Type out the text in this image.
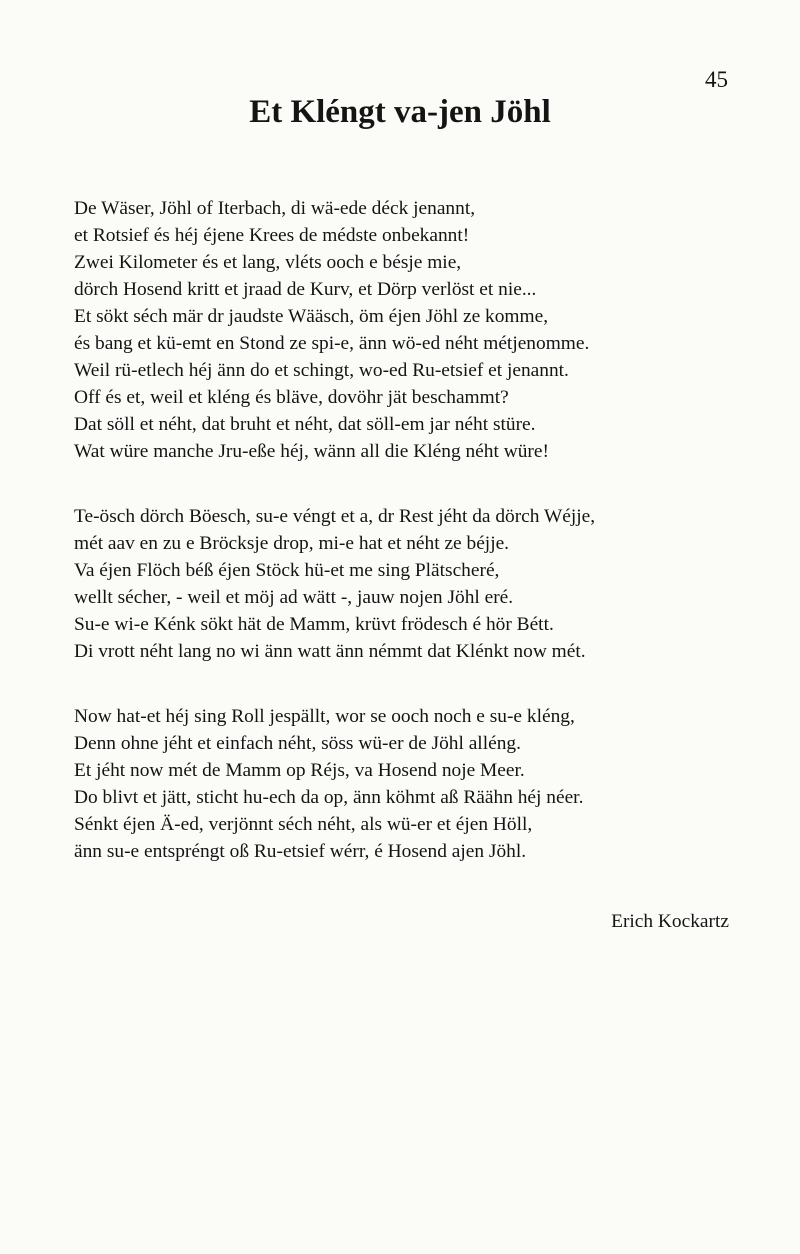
45
Et Kléngt va-jen Jöhl
De Wäser, Jöhl of Iterbach, di wä-ede déck jenannt,
et Rotsief és héj éjene Krees de médste onbekannt!
Zwei Kilometer és et lang, vléts ooch e bésje mie,
dörch Hosend kritt et jraad de Kurv, et Dörp verlöst et nie...
Et sökt séch mär dr jaudste Wääsch, öm éjen Jöhl ze komme,
és bang et kü-emt en Stond ze spi-e, änn wö-ed néht métjenomme.
Weil rü-etlech héj änn do et schingt, wo-ed Ru-etsief et jenannt.
Off és et, weil et kléng és bläve, dovöhr jät beschammt?
Dat söll et néht, dat bruht et néht, dat söll-em jar néht stüre.
Wat würe manche Jru-eße héj, wänn all die Kléng néht würe!
Te-ösch dörch Böesch, su-e véngt et a, dr Rest jéht da dörch Wéjje,
mét aav en zu e Bröcksje drop, mi-e hat et néht ze béjje.
Va éjen Flöch béß éjen Stöck hü-et me sing Plätscheré,
wellt sécher, - weil et möj ad wätt -, jauw nojen Jöhl eré.
Su-e wi-e Kénk sökt hät de Mamm, krüvt frödesch é hör Bétt.
Di vrott néht lang no wi änn watt änn némmt dat Klénkt now mét.
Now hat-et héj sing Roll jespällt, wor se ooch noch e su-e kléng,
Denn ohne jéht et einfach néht, söss wü-er de Jöhl alléng.
Et jéht now mét de Mamm op Réjs, va Hosend noje Meer.
Do blivt et jätt, sticht hu-ech da op, änn köhmt aß Räähn héj néer.
Sénkt éjen Ä-ed, verjönnt séch néht, als wü-er et éjen Höll,
änn su-e entspréngt oß Ru-etsief wérr, é Hosend ajen Jöhl.
Erich Kockartz
